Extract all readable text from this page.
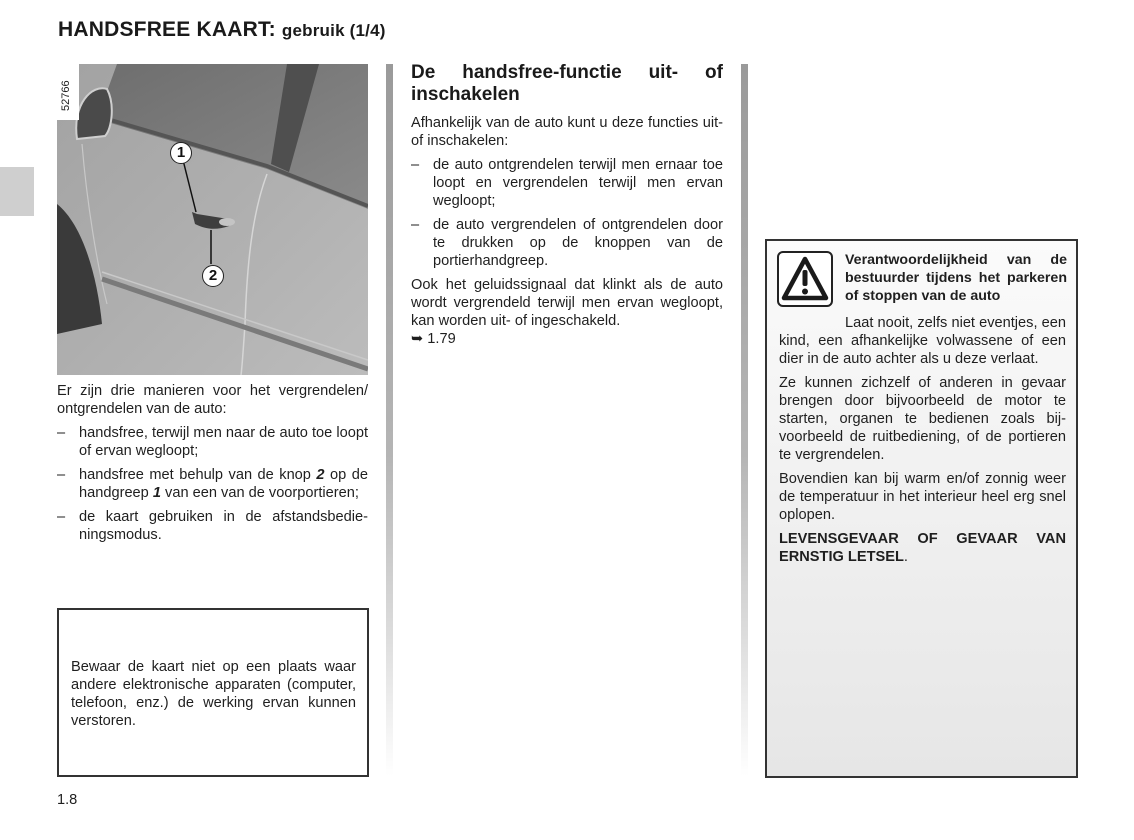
HANDSFREE KAART: gebruik (1/4)
52766
1
2

Er zijn drie manieren voor het vergrendelen/ ontgrendelen van de auto:

– handsfree, terwijl men naar de auto toe loopt of ervan wegloopt;
– handsfree met behulp van de knop 2 op de handgreep 1 van een van de voorportieren;
– de kaart gebruiken in de afstandsbedieningsmodus.
Bewaar de kaart niet op een plaats waar andere elektronische apparaten (computer, telefoon, enz.) de werking ervan kunnen verstoren.
De handsfree-functie uit- of inschakelen

Afhankelijk van de auto kunt u deze functies uit- of inschakelen:

– de auto ontgrendelen terwijl men ernaar toe loopt en vergrendelen terwijl men ervan wegloopt;
– de auto vergrendelen of ontgrendelen door te drukken op de knoppen van de portierhandgreep.

Ook het geluidssignaal dat klinkt als de auto wordt vergrendeld terwijl men ervan wegloopt, kan worden uit- of ingeschakeld.
➥ 1.79

Verantwoordelijkheid van de bestuurder tijdens het parkeren of stoppen van de auto

Laat nooit, zelfs niet eventjes, een kind, een afhankelijke volwassene of een dier in de auto achter als u deze verlaat.

Ze kunnen zichzelf of anderen in gevaar brengen door bijvoorbeeld de motor te starten, organen te bedienen zoals bijvoorbeeld de ruitbediening, of de portieren te vergrendelen.

Bovendien kan bij warm en/of zonnig weer de temperatuur in het interieur heel erg snel oplopen.

LEVENSGEVAAR OF GEVAAR VAN ERNSTIG LETSEL.

1.8
